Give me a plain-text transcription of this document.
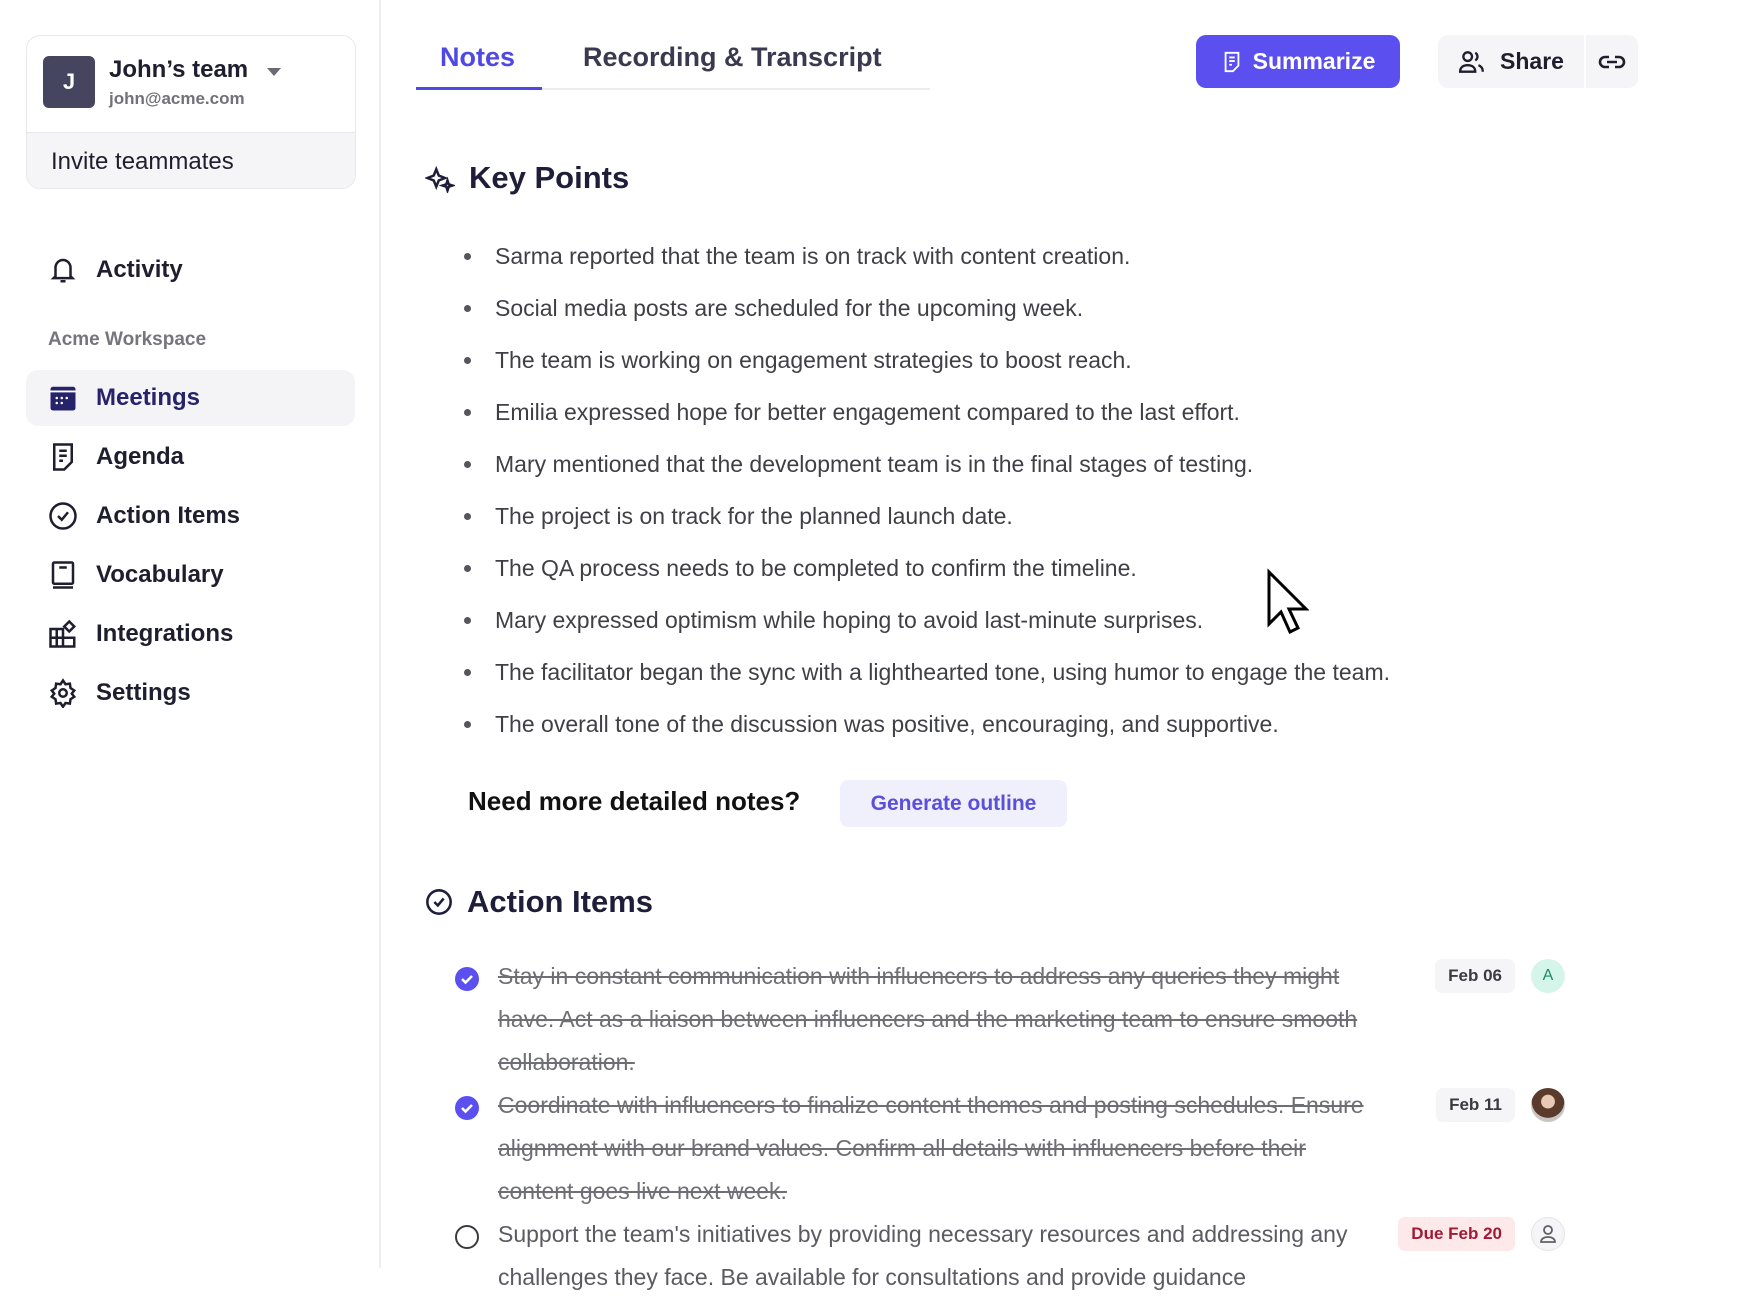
J	John’s team
john@acme.com
Invite teammates
Activity
Acme Workspace
Meetings
Agenda
Action Items
Vocabulary
Integrations
Settings
Notes	Recording & Transcript	Summarize	Share
Key Points
Sarma reported that the team is on track with content creation.
Social media posts are scheduled for the upcoming week.
The team is working on engagement strategies to boost reach.
Emilia expressed hope for better engagement compared to the last effort.
Mary mentioned that the development team is in the final stages of testing.
The project is on track for the planned launch date.
The QA process needs to be completed to confirm the timeline.
Mary expressed optimism while hoping to avoid last-minute surprises.
The facilitator began the sync with a lighthearted tone, using humor to engage the team.
The overall tone of the discussion was positive, encouraging, and supportive.
Need more detailed notes?	Generate outline
Action Items
Stay in constant communication with influencers to address any queries they might have. Act as a liaison between influencers and the marketing team to ensure smooth collaboration.
Feb 06	A
Coordinate with influencers to finalize content themes and posting schedules. Ensure alignment with our brand values. Confirm all details with influencers before their content goes live next week.
Feb 11
Support the team's initiatives by providing necessary resources and addressing any challenges they face. Be available for consultations and provide guidance
Due Feb 20
